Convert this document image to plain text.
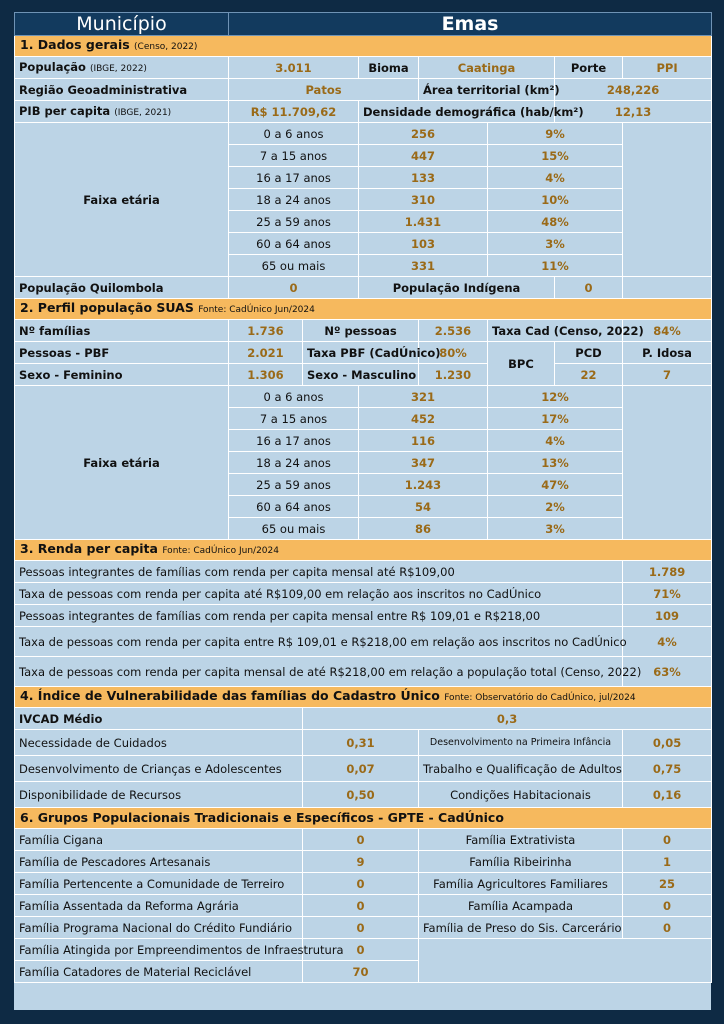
Município	Emas						
1. Dados gerais (Censo, 2022)							
População (IBGE, 2022)	3.011		Bioma	Caatinga		Porte	PPI
Região Geoadministrativa	Patos			Área territorial (km²)		248,226	
PIB per capita (IBGE, 2021)	R$ 11.709,62		Densidade demográfica (hab/km²)			12,13	
Faixa etária	0 a 6 anos		256		9%		
	7 a 15 anos		447		15%		
	16 a 17 anos		133		4%		
	18 a 24 anos		310		10%		
	25 a 59 anos		1.431		48%		
	60 a 64 anos		103		3%		
	65 ou mais		331		11%		
População Quilombola	0		População Indígena			0	
2. Perfil população SUAS Fonte: CadÚnico Jun/2024							
Nº famílias	1.736	Nº pessoas		2.536	Taxa Cad (Censo, 2022)		84%
Pessoas - PBF	2.021	Taxa PBF (CadÚnico)		80%	BPC	PCD	P. Idosa
Sexo - Feminino	1.306	Sexo - Masculino		1.230		22	7
Faixa etária	0 a 6 anos		321		12%		
	7 a 15 anos		452		17%		
	16 a 17 anos		116		4%		
	18 a 24 anos		347		13%		
	25 a 59 anos		1.243		47%		
	60 a 64 anos		54		2%		
	65 ou mais		86		3%		
3. Renda per capita Fonte: CadÚnico Jun/2024							
Pessoas integrantes de famílias com renda per capita mensal até R$109,00							1.789
Taxa de pessoas com renda per capita até R$109,00 em relação aos inscritos no CadÚnico							71%
Pessoas integrantes de famílias com renda per capita mensal entre R$ 109,01 e R$218,00							109
Taxa de pessoas com renda per capita entre R$ 109,01 e R$218,00 em relação aos inscritos no CadÚnico							4%
Taxa de pessoas com renda per capita mensal de até R$218,00 em relação a população total (Censo, 2022)							63%
4. Índice de Vulnerabilidade das famílias do Cadastro Único Fonte: Observatório do CadÚnico, jul/2024							
IVCAD Médio		0,3					
Necessidade de Cuidados		0,31		Desenvolvimento na Primeira Infância			0,05
Desenvolvimento de Crianças e Adolescentes		0,07		Trabalho e Qualificação de Adultos			0,75
Disponibilidade de Recursos		0,50		Condições Habitacionais			0,16
6. Grupos Populacionais Tradicionais e Específicos - GPTE - CadÚnico							
Família Cigana		0		Família Extrativista			0
Família de Pescadores Artesanais		9		Família Ribeirinha			1
Família Pertencente a Comunidade de Terreiro		0		Família Agricultores Familiares			25
Família Assentada da Reforma Agrária		0		Família Acampada			0
Família Programa Nacional do Crédito Fundiário		0		Família de Preso do Sis. Carcerário			0
Família Atingida por Empreendimentos de Infraestrutura		0					
Família Catadores de Material Reciclável		70					
